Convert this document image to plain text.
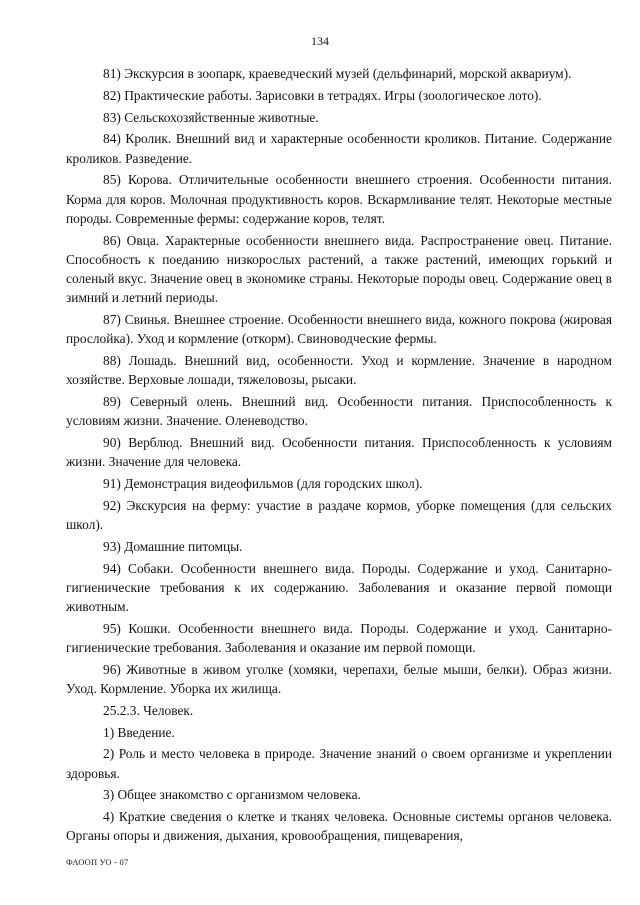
134

81) Экскурсия в зоопарк, краеведческий музей (дельфинарий, морской аквариум).

82) Практические работы. Зарисовки в тетрадях. Игры (зоологическое лото).

83) Сельскохозяйственные животные.

84) Кролик. Внешний вид и характерные особенности кроликов. Питание. Содержание кроликов. Разведение.

85) Корова. Отличительные особенности внешнего строения. Особенности питания. Корма для коров. Молочная продуктивность коров. Вскармливание телят. Некоторые местные породы. Современные фермы: содержание коров, телят.

86) Овца. Характерные особенности внешнего вида. Распространение овец. Питание. Способность к поеданию низкорослых растений, а также растений, имеющих горький и соленый вкус. Значение овец в экономике страны. Некоторые породы овец. Содержание овец в зимний и летний периоды.

87) Свинья. Внешнее строение. Особенности внешнего вида, кожного покрова (жировая прослойка). Уход и кормление (откорм). Свиноводческие фермы.

88) Лошадь. Внешний вид, особенности. Уход и кормление. Значение в народном хозяйстве. Верховые лошади, тяжеловозы, рысаки.

89) Северный олень. Внешний вид. Особенности питания. Приспособленность к условиям жизни. Значение. Оленеводство.

90) Верблюд. Внешний вид. Особенности питания. Приспособленность к условиям жизни. Значение для человека.

91) Демонстрация видеофильмов (для городских школ).

92) Экскурсия на ферму: участие в раздаче кормов, уборке помещения (для сельских школ).

93) Домашние питомцы.

94) Собаки. Особенности внешнего вида. Породы. Содержание и уход. Санитарно-гигиенические требования к их содержанию. Заболевания и оказание первой помощи животным.

95) Кошки. Особенности внешнего вида. Породы. Содержание и уход. Санитарно-гигиенические требования. Заболевания и оказание им первой помощи.

96) Животные в живом уголке (хомяки, черепахи, белые мыши, белки). Образ жизни. Уход. Кормление. Уборка их жилища.

25.2.3. Человек.

1) Введение.

2) Роль и место человека в природе. Значение знаний о своем организме и укреплении здоровья.

3) Общее знакомство с организмом человека.

4) Краткие сведения о клетке и тканях человека. Основные системы органов человека. Органы опоры и движения, дыхания, кровообращения, пищеварения,

ФАООП УО - 07
